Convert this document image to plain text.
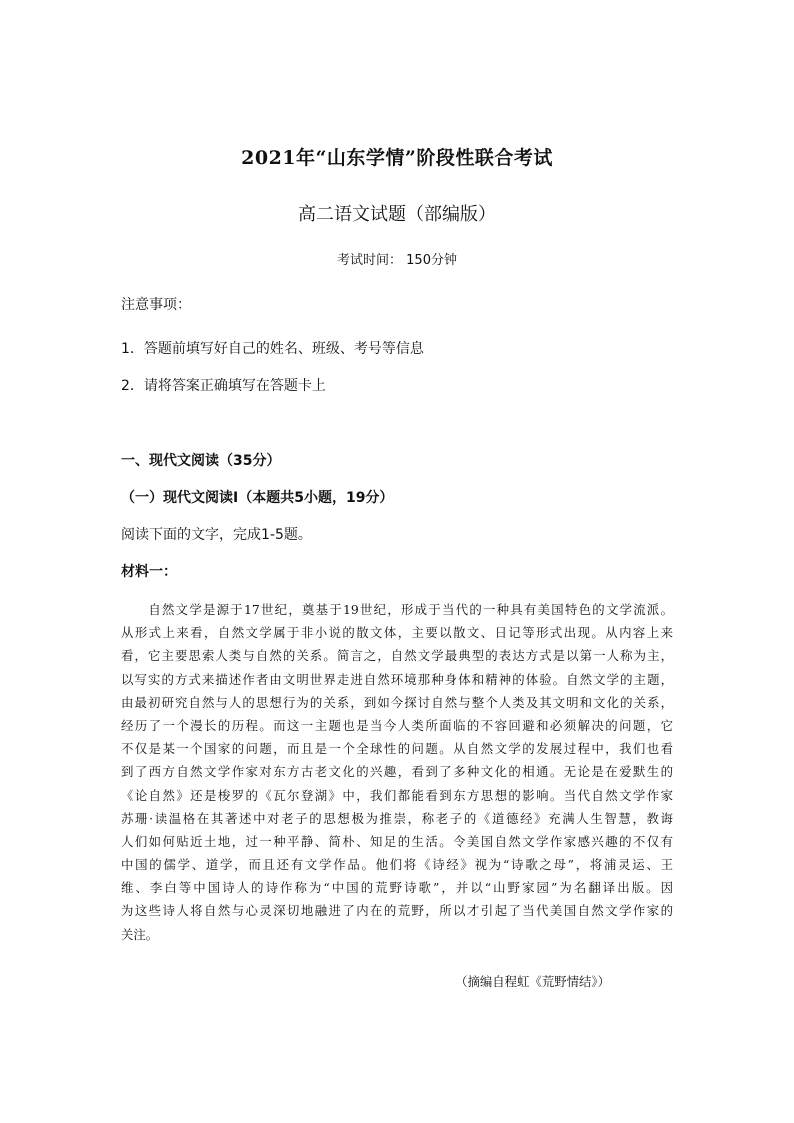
2021年“山东学情”阶段性联合考试
高二语文试题（部编版）
考试时间： 150分钟
注意事项：
1．答题前填写好自己的姓名、班级、考号等信息
2．请将答案正确填写在答题卡上
一、现代文阅读（35分）
（一）现代文阅读Ⅰ（本题共5小题，19分）
阅读下面的文字，完成1-5题。
材料一：
　　自然文学是源于17世纪，奠基于19世纪，形成于当代的一种具有美国特色的文学流派。
从形式上来看，自然文学属于非小说的散文体，主要以散文、日记等形式出现。从内容上来
看，它主要思索人类与自然的关系。简言之，自然文学最典型的表达方式是以第一人称为主，
以写实的方式来描述作者由文明世界走进自然环境那种身体和精神的体验。自然文学的主题，
由最初研究自然与人的思想行为的关系，到如今探讨自然与整个人类及其文明和文化的关系，
经历了一个漫长的历程。而这一主题也是当今人类所面临的不容回避和必须解决的问题，它
不仅是某一个国家的问题，而且是一个全球性的问题。从自然文学的发展过程中，我们也看
到了西方自然文学作家对东方古老文化的兴趣，看到了多种文化的相通。无论是在爱默生的
《论自然》还是梭罗的《瓦尔登湖》中，我们都能看到东方思想的影响。当代自然文学作家
苏珊·读温格在其著述中对老子的思想极为推崇，称老子的《道德经》充满人生智慧，教诲
人们如何贴近土地，过一种平静、简朴、知足的生活。令美国自然文学作家感兴趣的不仅有
中国的儒学、道学，而且还有文学作品。他们将《诗经》视为“诗歌之母”，将浦灵运、王
维、李白等中国诗人的诗作称为“中国的荒野诗歌”，并以“山野家园”为名翻译出版。因
为这些诗人将自然与心灵深切地融进了内在的荒野，所以才引起了当代美国自然文学作家的
关注。
（摘编自程虹《荒野情结》）
